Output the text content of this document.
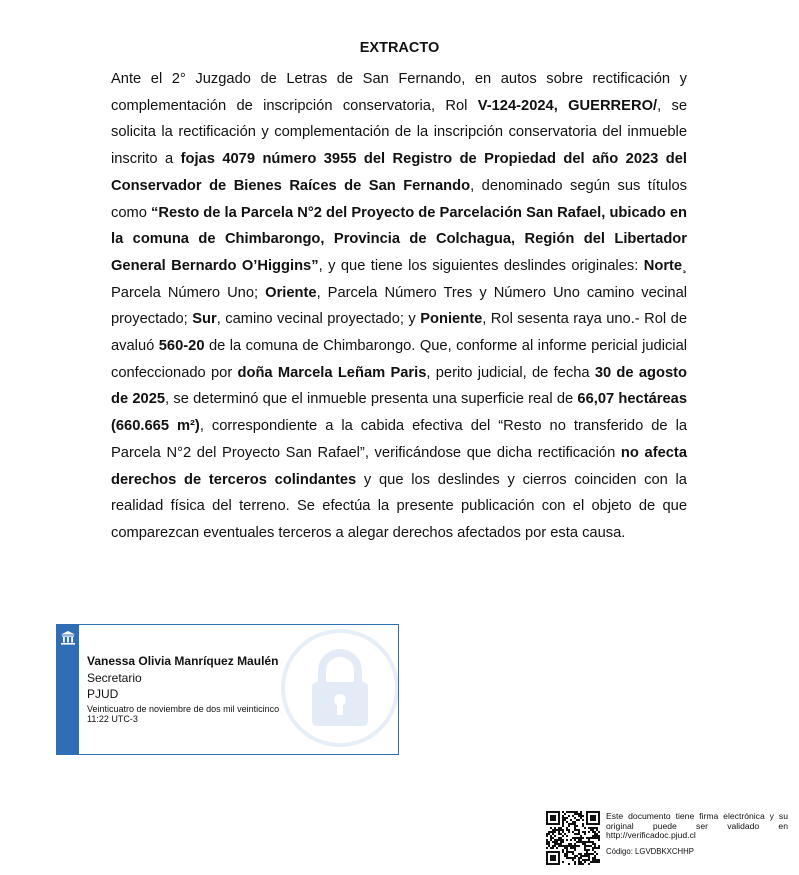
EXTRACTO
Ante el 2° Juzgado de Letras de San Fernando, en autos sobre rectificación y complementación de inscripción conservatoria, Rol V-124-2024, GUERRERO/, se solicita la rectificación y complementación de la inscripción conservatoria del inmueble inscrito a fojas 4079 número 3955 del Registro de Propiedad del año 2023 del Conservador de Bienes Raíces de San Fernando, denominado según sus títulos como “Resto de la Parcela N°2 del Proyecto de Parcelación San Rafael, ubicado en la comuna de Chimbarongo, Provincia de Colchagua, Región del Libertador General Bernardo O’Higgins”, y que tiene los siguientes deslindes originales: Norte¸ Parcela Número Uno; Oriente, Parcela Número Tres y Número Uno camino vecinal proyectado; Sur, camino vecinal proyectado; y Poniente, Rol sesenta raya uno.- Rol de avaluó 560-20 de la comuna de Chimbarongo. Que, conforme al informe pericial judicial confeccionado por doña Marcela Leñam Paris, perito judicial, de fecha 30 de agosto de 2025, se determinó que el inmueble presenta una superficie real de 66,07 hectáreas (660.665 m²), correspondiente a la cabida efectiva del “Resto no transferido de la Parcela N°2 del Proyecto San Rafael”, verificándose que dicha rectificación no afecta derechos de terceros colindantes y que los deslindes y cierros coinciden con la realidad física del terreno. Se efectúa la presente publicación con el objeto de que comparezcan eventuales terceros a alegar derechos afectados por esta causa.
Vanessa Olivia Manríquez Maulén
Secretario
PJUD
Veinticuatro de noviembre de dos mil veinticinco
11:22 UTC-3
Este documento tiene firma electrónica y su original puede ser validado en http://verificadoc.pjud.cl
Código: LGVDBKXCHHP
